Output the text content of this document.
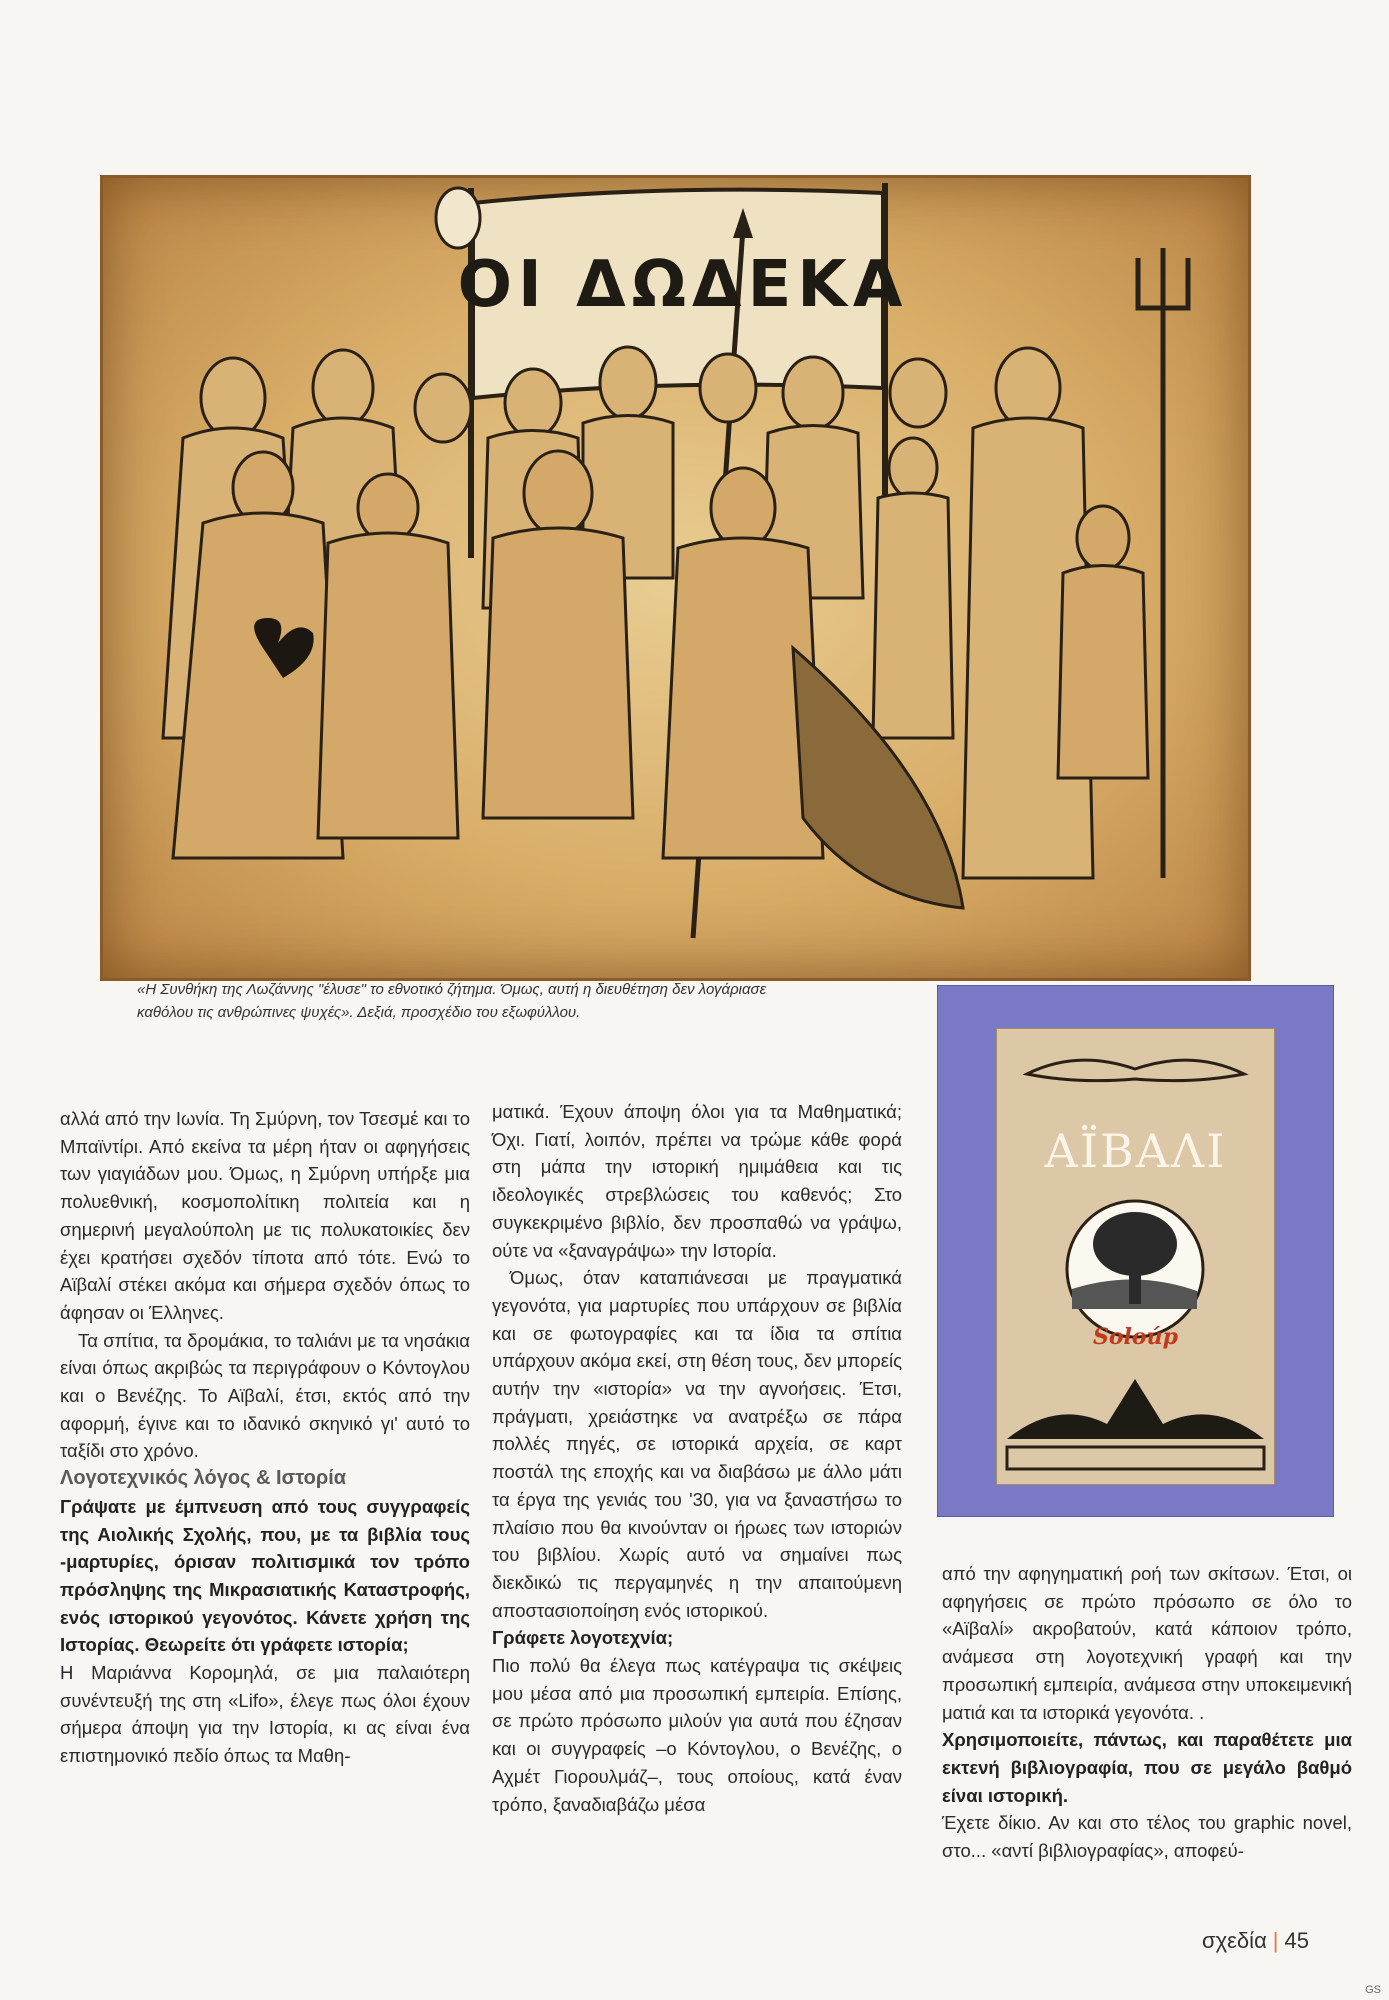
ΟΙ ΔΩΔΕΚΑ
«Η Συνθήκη της Λωζάννης "έλυσε" το εθνοτικό ζήτημα. Όμως, αυτή η διευθέτηση δεν λογάριασε
καθόλου τις ανθρώπινες ψυχές». Δεξιά, προσχέδιο του εξωφύλλου.
ΑΪΒΑΛΙ
Soloúp

αλλά από την Ιωνία. Τη Σμύρνη, τον Τσεσμέ και το Μπαϊντίρι. Από εκείνα τα μέρη ήταν οι αφηγήσεις των γιαγιάδων μου. Όμως, η Σμύρνη υπήρξε μια πολυεθνική, κοσμοπολίτικη πολιτεία και η σημερινή μεγαλούπολη με τις πολυκατοικίες δεν έχει κρατήσει σχεδόν τίποτα από τότε. Ενώ το Αϊβαλί στέκει ακόμα και σήμερα σχεδόν όπως το άφησαν οι Έλληνες.

Τα σπίτια, τα δρομάκια, το ταλιάνι με τα νησάκια είναι όπως ακριβώς τα περιγράφουν ο Κόντογλου και ο Βενέζης. Το Αϊβαλί, έτσι, εκτός από την αφορμή, έγινε και το ιδανικό σκηνικό γι' αυτό το ταξίδι στο χρόνο.

Λογοτεχνικός λόγος & Ιστορία

Γράψατε με έμπνευση από τους συγγραφείς της Αιολικής Σχολής, που, με τα βιβλία τους -μαρτυρίες, όρισαν πολιτισμικά τον τρόπο πρόσληψης της Μικρασιατικής Καταστροφής, ενός ιστορικού γεγονότος. Κάνετε χρήση της Ιστορίας. Θεωρείτε ότι γράφετε ιστορία;

Η Μαριάννα Κορομηλά, σε μια παλαιότερη συνέντευξή της στη «Lifo», έλεγε πως όλοι έχουν σήμερα άποψη για την Ιστορία, κι ας είναι ένα επιστημονικό πεδίο όπως τα Μαθη-

ματικά. Έχουν άποψη όλοι για τα Μαθηματικά; Όχι. Γιατί, λοιπόν, πρέπει να τρώμε κάθε φορά στη μάπα την ιστορική ημιμάθεια και τις ιδεολογικές στρεβλώσεις του καθενός; Στο συγκεκριμένο βιβλίο, δεν προσπαθώ να γράψω, ούτε να «ξαναγράψω» την Ιστορία.

Όμως, όταν καταπιάνεσαι με πραγματικά γεγονότα, για μαρτυρίες που υπάρχουν σε βιβλία και σε φωτογραφίες και τα ίδια τα σπίτια υπάρχουν ακόμα εκεί, στη θέση τους, δεν μπορείς αυτήν την «ιστορία» να την αγνοήσεις. Έτσι, πράγματι, χρειάστηκε να ανατρέξω σε πάρα πολλές πηγές, σε ιστορικά αρχεία, σε καρτ ποστάλ της εποχής και να διαβάσω με άλλο μάτι τα έργα της γενιάς του '30, για να ξαναστήσω το πλαίσιο που θα κινούνταν οι ήρωες των ιστοριών του βιβλίου. Χωρίς αυτό να σημαίνει πως διεκδικώ τις περγαμηνές η την απαιτούμενη αποστασιοποίηση ενός ιστορικού.

Γράφετε λογοτεχνία;

Πιο πολύ θα έλεγα πως κατέγραψα τις σκέψεις μου μέσα από μια προσωπική εμπειρία. Επίσης, σε πρώτο πρόσωπο μιλούν για αυτά που έζησαν και οι συγγραφείς –ο Κόντογλου, ο Βενέζης, ο Αχμέτ Γιορουλμάζ–, τους οποίους, κατά έναν τρόπο, ξαναδιαβάζω μέσα

από την αφηγηματική ροή των σκίτσων. Έτσι, οι αφηγήσεις σε πρώτο πρόσωπο σε όλο το «Αϊβαλί» ακροβατούν, κατά κάποιον τρόπο, ανάμεσα στη λογοτεχνική γραφή και την προσωπική εμπειρία, ανάμεσα στην υποκειμενική ματιά και τα ιστορικά γεγονότα. .

Χρησιμοποιείτε, πάντως, και παραθέτετε μια εκτενή βιβλιογραφία, που σε μεγάλο βαθμό είναι ιστορική.

Έχετε δίκιο. Αν και στο τέλος του graphic novel, στο... «αντί βιβλιογραφίας», αποφεύ-

σχεδία | 45
GS
